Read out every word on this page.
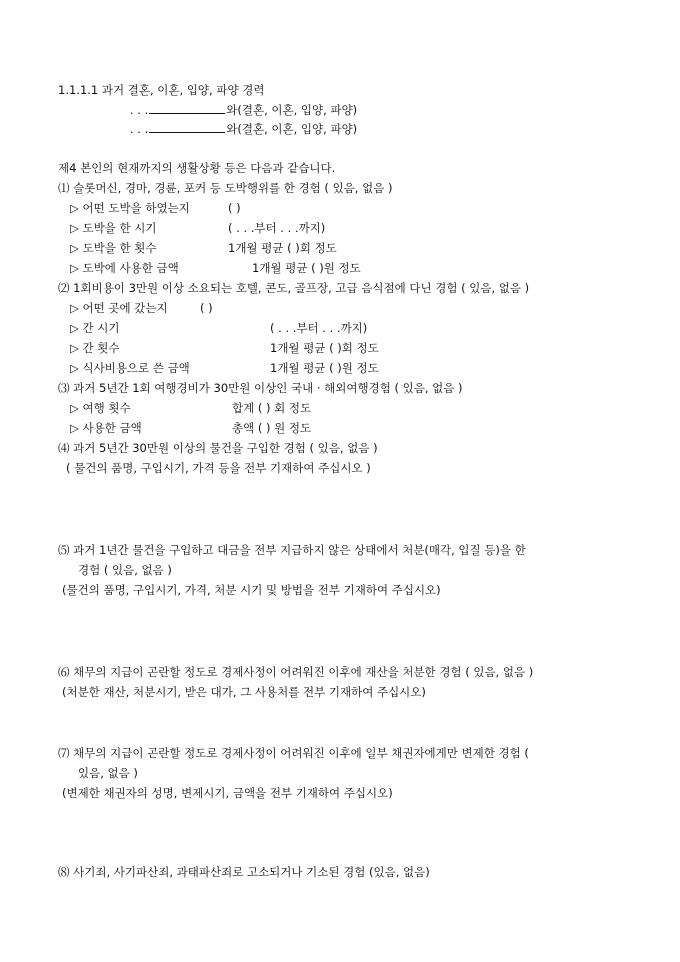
1.1.1.1 과거 결혼, 이혼, 입양, 파양 경력
. . .	와(결혼, 이혼, 입양, 파양)
. . .	와(결혼, 이혼, 입양, 파양)
제4 본인의 현재까지의 생활상황 등은 다음과 같습니다.
⑴ 슬롯머신, 경마, 경륜, 포커 등 도박행위를 한 경험 ( 있음, 없음 )
▷ 어떤 도박을 하였는지	( )
▷ 도박을 한 시기	( . . .부터 . . .까지)
▷ 도박을 한 횟수	1개월 평균 ( )회 정도
▷ 도박에 사용한 금액	1개월 평균 ( )원 정도
⑵ 1회비용이 3만원 이상 소요되는 호텔, 콘도, 골프장, 고급 음식점에 다닌 경험 ( 있음, 없음 )
▷ 어떤 곳에 갔는지	( )
▷ 간 시기	( . . .부터 . . .까지)
▷ 간 횟수	1개월 평균 ( )회 정도
▷ 식사비용으로 쓴 금액	1개월 평균 ( )원 정도
⑶ 과거 5년간 1회 여행경비가 30만원 이상인 국내 · 해외여행경험 ( 있음, 없음 )
▷ 여행 횟수	합계 ( ) 회 정도
▷ 사용한 금액	총액 ( ) 원 정도
⑷ 과거 5년간 30만원 이상의 물건을 구입한 경험 ( 있음, 없음 )
( 물건의 품명, 구입시기, 가격 등을 전부 기재하여 주십시오 )
⑸ 과거 1년간 물건을 구입하고 대금을 전부 지급하지 않은 상태에서 처분(매각, 입질 등)을 한
경험 ( 있음, 없음 )
(물건의 품명, 구입시기, 가격, 처분 시기 및 방법을 전부 기재하여 주십시오)
⑹ 채무의 지급이 곤란할 정도로 경제사정이 어려워진 이후에 재산을 처분한 경험 ( 있음, 없음 )
(처분한 재산, 처분시기, 받은 대가, 그 사용처를 전부 기재하여 주십시오)
⑺ 채무의 지급이 곤란할 정도로 경제사정이 어려워진 이후에 일부 채권자에게만 변제한 경험 (
있음, 없음 )
(변제한 채권자의 성명, 변제시기, 금액을 전부 기재하여 주십시오)
⑻ 사기죄, 사기파산죄, 과태파산죄로 고소되거나 기소된 경험 (있음, 없음)
